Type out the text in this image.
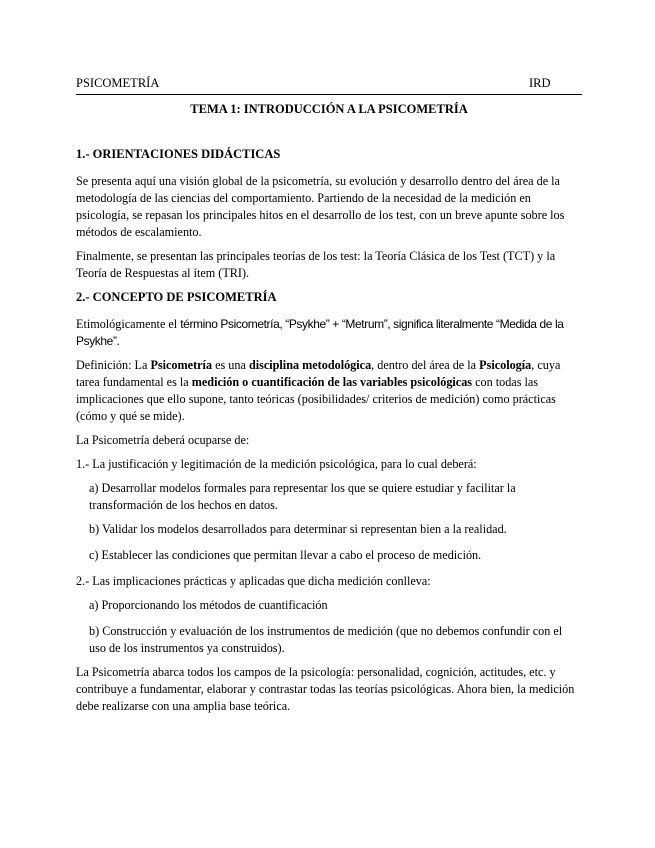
PSICOMETRÍA	IRD
TEMA 1: INTRODUCCIÓN A LA PSICOMETRÍA
1.- ORIENTACIONES DIDÁCTICAS

Se presenta aquí una visión global de la psicometría, su evolución y desarrollo dentro del área de la metodología de las ciencias del comportamiento. Partiendo de la necesidad de la medición en psicología, se repasan los principales hitos en el desarrollo de los test, con un breve apunte sobre los métodos de escalamiento.

Finalmente, se presentan las principales teorías de los test: la Teoría Clásica de los Test (TCT) y la Teoría de Respuestas al ítem (TRI).

2.- CONCEPTO DE PSICOMETRÍA

Etimológicamente el término Psicometría, “Psykhe” + “Metrum”, significa literalmente “Medida de la Psykhe”.

Definición: La Psicometría es una disciplina metodológica, dentro del área de la Psicología, cuya tarea fundamental es la medición o cuantificación de las variables psicológicas con todas las implicaciones que ello supone, tanto teóricas (posibilidades/ criterios de medición) como prácticas (cómo y qué se mide).

La Psicometría deberá ocuparse de:

1.- La justificación y legitimación de la medición psicológica, para lo cual deberá:

a) Desarrollar modelos formales para representar los que se quiere estudiar y facilitar la transformación de los hechos en datos.

b) Validar los modelos desarrollados para determinar si representan bien a la realidad.

c) Establecer las condiciones que permitan llevar a cabo el proceso de medición.

2.- Las implicaciones prácticas y aplicadas que dicha medición conlleva:

a) Proporcionando los métodos de cuantificación

b) Construcción y evaluación de los instrumentos de medición (que no debemos confundir con el uso de los instrumentos ya construidos).

La Psicometría abarca todos los campos de la psicología: personalidad, cognición, actitudes, etc. y contribuye a fundamentar, elaborar y contrastar todas las teorías psicológicas. Ahora bien, la medición debe realizarse con una amplia base teórica.
